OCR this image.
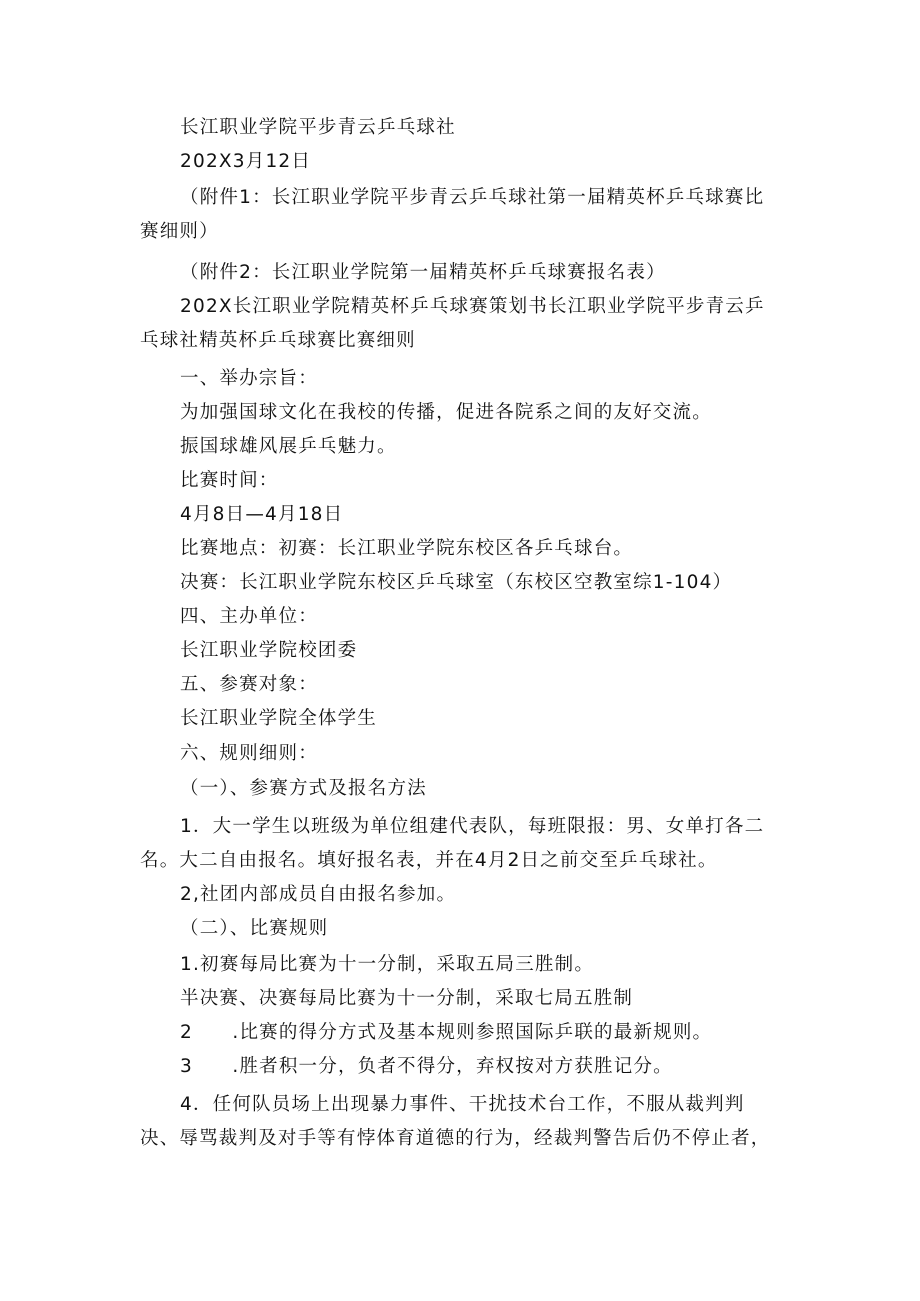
长江职业学院平步青云乒乓球社
202X3月12日
（附件1：长江职业学院平步青云乒乓球社第一届精英杯乒乓球赛比
赛细则）
（附件2：长江职业学院第一届精英杯乒乓球赛报名表）
202X长江职业学院精英杯乒乓球赛策划书长江职业学院平步青云乒
乓球社精英杯乒乓球赛比赛细则
一、举办宗旨：
为加强国球文化在我校的传播，促进各院系之间的友好交流。
振国球雄风展乒乓魅力。
比赛时间：
4月8日—4月18日
比赛地点：初赛：长江职业学院东校区各乒乓球台。
决赛：长江职业学院东校区乒乓球室（东校区空教室综1-104）
四、主办单位：
长江职业学院校团委
五、参赛对象：
长江职业学院全体学生
六、规则细则：
（一）、参赛方式及报名方法
1．大一学生以班级为单位组建代表队，每班限报：男、女单打各二
名。大二自由报名。填好报名表，并在4月2日之前交至乒乓球社。
2,社团内部成员自由报名参加。
（二）、比赛规则
1.初赛每局比赛为十一分制，采取五局三胜制。
半决赛、决赛每局比赛为十一分制，采取七局五胜制
2　　.比赛的得分方式及基本规则参照国际乒联的最新规则。
3　　.胜者积一分，负者不得分，弃权按对方获胜记分。
4．任何队员场上出现暴力事件、干扰技术台工作，不服从裁判判
决、辱骂裁判及对手等有悖体育道德的行为，经裁判警告后仍不停止者，
